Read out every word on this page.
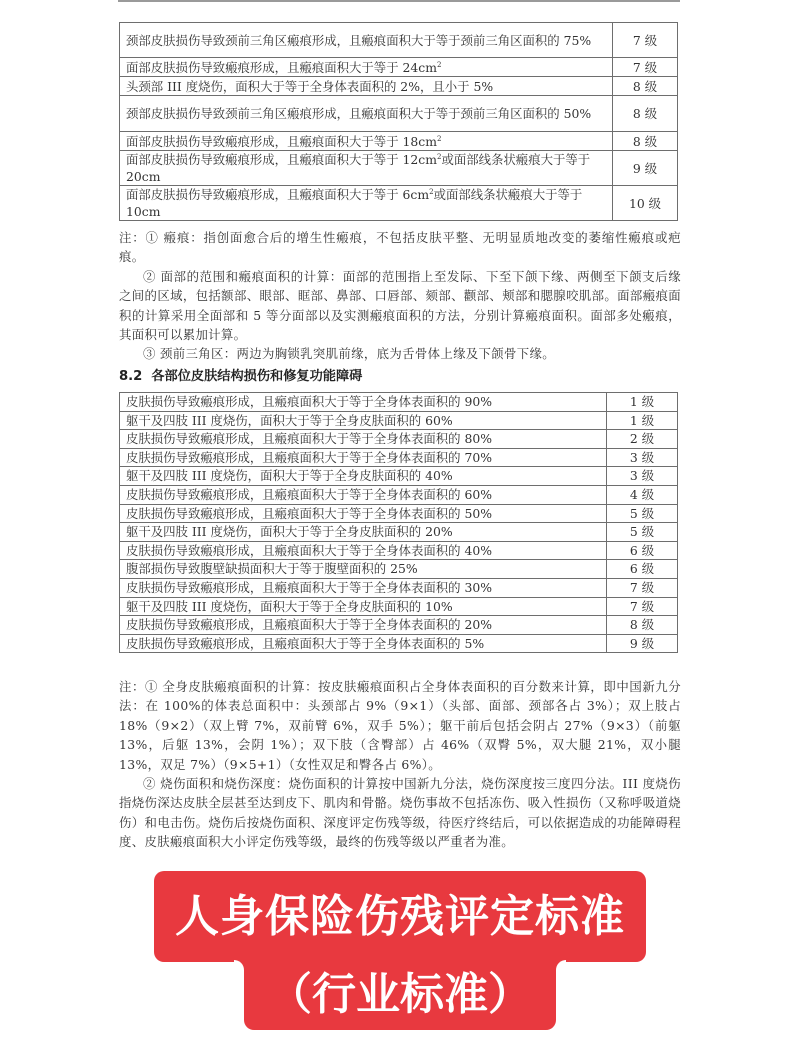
颈部皮肤损伤导致颈前三角区瘢痕形成，且瘢痕面积大于等于颈前三角区面积的 75%	7 级
面部皮肤损伤导致瘢痕形成，且瘢痕面积大于等于 $24cm^2$	7 级
头颈部 III 度烧伤，面积大于等于全身体表面积的 2%，且小于 5%	8 级
颈部皮肤损伤导致颈前三角区瘢痕形成，且瘢痕面积大于等于颈前三角区面积的 50%	8 级
面部皮肤损伤导致瘢痕形成，且瘢痕面积大于等于 $18cm^2$	8 级
面部皮肤损伤导致瘢痕形成，且瘢痕面积大于等于 $12cm^2$或面部线条状瘢痕大于等于 20cm	9 级
面部皮肤损伤导致瘢痕形成，且瘢痕面积大于等于 $6cm^2$或面部线条状瘢痕大于等于 10cm	10 级

注：① 瘢痕：指创面愈合后的增生性瘢痕，不包括皮肤平整、无明显质地改变的萎缩性瘢痕或疤痕。

② 面部的范围和瘢痕面积的计算：面部的范围指上至发际、下至下颌下缘、两侧至下颌支后缘之间的区域，包括额部、眼部、眶部、鼻部、口唇部、颏部、颧部、颊部和腮腺咬肌部。面部瘢痕面积的计算采用全面部和 5 等分面部以及实测瘢痕面积的方法，分别计算瘢痕面积。面部多处瘢痕，其面积可以累加计算。

③ 颈前三角区：两边为胸锁乳突肌前缘，底为舌骨体上缘及下颌骨下缘。

8.2 各部位皮肤结构损伤和修复功能障碍
皮肤损伤导致瘢痕形成，且瘢痕面积大于等于全身体表面积的 90%	1 级
躯干及四肢 III 度烧伤，面积大于等于全身皮肤面积的 60%	1 级
皮肤损伤导致瘢痕形成，且瘢痕面积大于等于全身体表面积的 80%	2 级
皮肤损伤导致瘢痕形成，且瘢痕面积大于等于全身体表面积的 70%	3 级
躯干及四肢 III 度烧伤，面积大于等于全身皮肤面积的 40%	3 级
皮肤损伤导致瘢痕形成，且瘢痕面积大于等于全身体表面积的 60%	4 级
皮肤损伤导致瘢痕形成，且瘢痕面积大于等于全身体表面积的 50%	5 级
躯干及四肢 III 度烧伤，面积大于等于全身皮肤面积的 20%	5 级
皮肤损伤导致瘢痕形成，且瘢痕面积大于等于全身体表面积的 40%	6 级
腹部损伤导致腹壁缺损面积大于等于腹壁面积的 25%	6 级
皮肤损伤导致瘢痕形成，且瘢痕面积大于等于全身体表面积的 30%	7 级
躯干及四肢 III 度烧伤，面积大于等于全身皮肤面积的 10%	7 级
皮肤损伤导致瘢痕形成，且瘢痕面积大于等于全身体表面积的 20%	8 级
皮肤损伤导致瘢痕形成，且瘢痕面积大于等于全身体表面积的 5%	9 级

注：① 全身皮肤瘢痕面积的计算：按皮肤瘢痕面积占全身体表面积的百分数来计算，即中国新九分法：在 100%的体表总面积中：头颈部占 9%（9×1）（头部、面部、颈部各占 3%）；双上肢占 18%（9×2）（双上臂 7%，双前臂 6%，双手 5%）；躯干前后包括会阴占 27%（9×3）（前躯 13%，后躯 13%，会阴 1%）；双下肢（含臀部）占 46%（双臀 5%，双大腿 21%，双小腿 13%，双足 7%）（9×5+1）（女性双足和臀各占 6%）。

② 烧伤面积和烧伤深度：烧伤面积的计算按中国新九分法，烧伤深度按三度四分法。III 度烧伤指烧伤深达皮肤全层甚至达到皮下、肌肉和骨骼。烧伤事故不包括冻伤、吸入性损伤（又称呼吸道烧伤）和电击伤。烧伤后按烧伤面积、深度评定伤残等级，待医疗终结后，可以依据造成的功能障碍程度、皮肤瘢痕面积大小评定伤残等级，最终的伤残等级以严重者为准。

人身保险伤残评定标准
（行业标准）
